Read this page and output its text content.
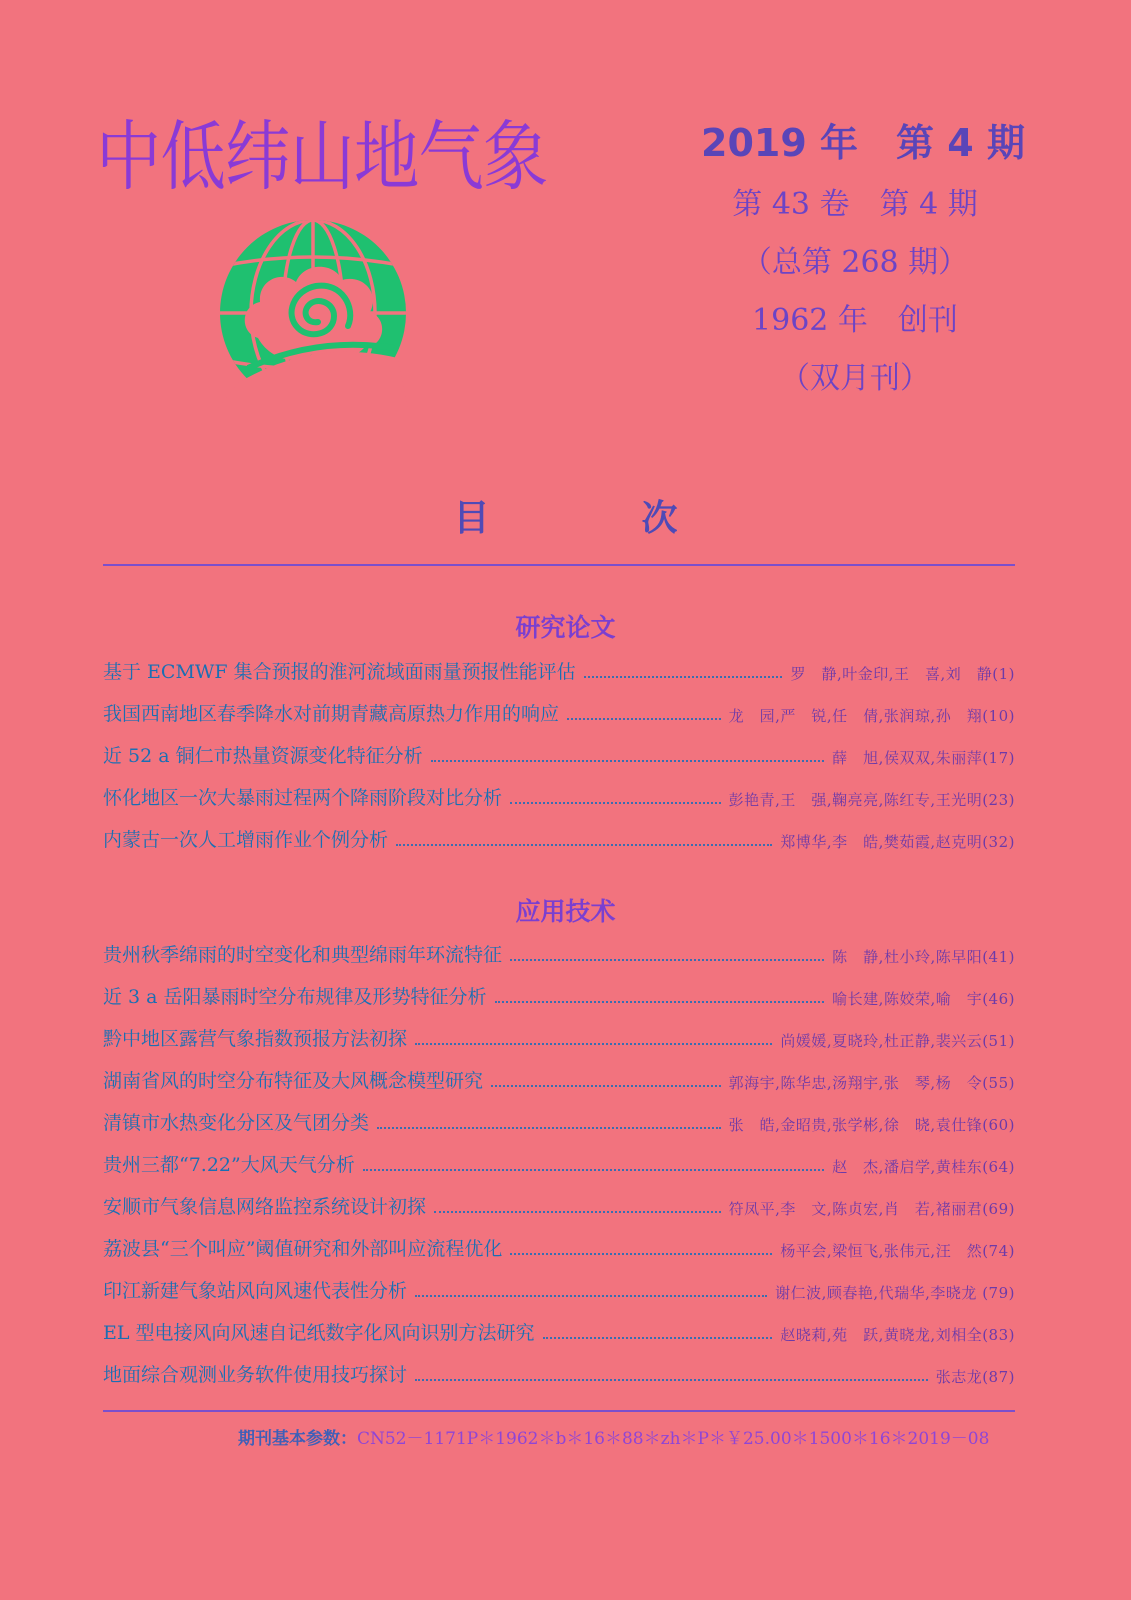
中低纬山地气象	2019 年　第 4 期
第 43 卷　第 4 期
（总第 268 期）
1962 年　创刊
（双月刊）
目　次
研究论文
基于 ECMWF 集合预报的淮河流域面雨量预报性能评估	罗　静,叶金印,王　喜,刘　静(1)
我国西南地区春季降水对前期青藏高原热力作用的响应	龙　园,严　锐,任　倩,张润琼,孙　翔(10)
近 52 a 铜仁市热量资源变化特征分析	薛　旭,侯双双,朱丽萍(17)
怀化地区一次大暴雨过程两个降雨阶段对比分析	彭艳青,王　强,鞠亮亮,陈红专,王光明(23)
内蒙古一次人工增雨作业个例分析	郑博华,李　皓,樊茹霞,赵克明(32)
应用技术
贵州秋季绵雨的时空变化和典型绵雨年环流特征	陈　静,杜小玲,陈早阳(41)
近 3 a 岳阳暴雨时空分布规律及形势特征分析	喻长建,陈姣荣,喻　宇(46)
黔中地区露营气象指数预报方法初探	尚媛媛,夏晓玲,杜正静,裴兴云(51)
湖南省风的时空分布特征及大风概念模型研究	郭海宇,陈华忠,汤翔宇,张　琴,杨　令(55)
清镇市水热变化分区及气团分类	张　皓,金昭贵,张学彬,徐　晓,袁仕锋(60)
贵州三都“7.22”大风天气分析	赵　杰,潘启学,黄桂东(64)
安顺市气象信息网络监控系统设计初探	符凤平,李　文,陈贞宏,肖　若,褚丽君(69)
荔波县“三个叫应”阈值研究和外部叫应流程优化	杨平会,梁恒飞,张伟元,汪　然(74)
印江新建气象站风向风速代表性分析	谢仁波,顾春艳,代瑞华,李晓龙 (79)
EL 型电接风向风速自记纸数字化风向识别方法研究	赵晓莉,苑　跃,黄晓龙,刘相全(83)
地面综合观测业务软件使用技巧探讨	张志龙(87)
期刊基本参数：CN52－1171P＊1962＊b＊16＊88＊zh＊P＊￥25.00＊1500＊16＊2019－08
